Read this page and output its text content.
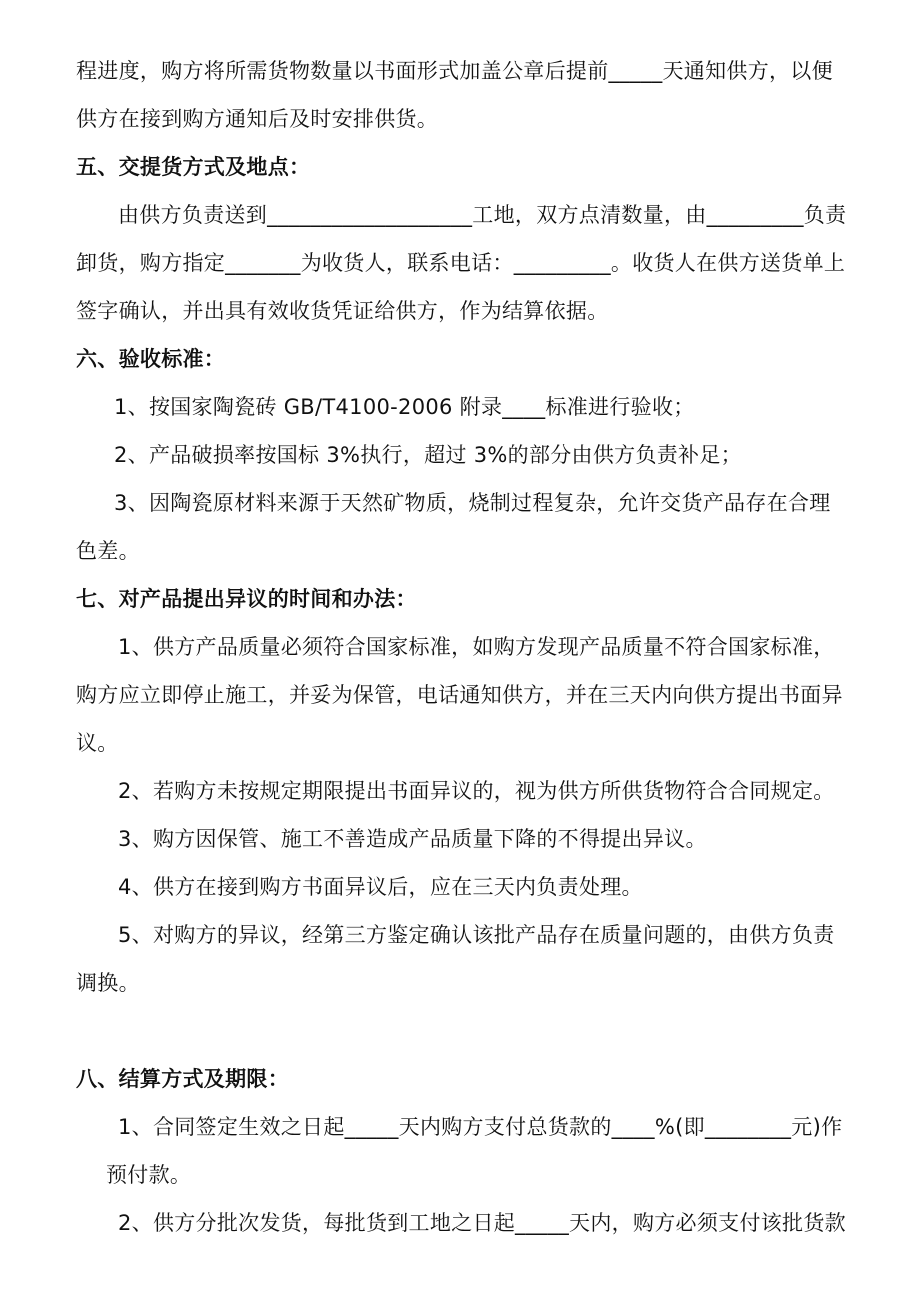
程进度，购方将所需货物数量以书面形式加盖公章后提前_____天通知供方，以便
供方在接到购方通知后及时安排供货。
五、交提货方式及地点：
由供方负责送到___________________工地，双方点清数量，由_________负责
卸货，购方指定_______为收货人，联系电话：_________。收货人在供方送货单上
签字确认，并出具有效收货凭证给供方，作为结算依据。
六、验收标准：
1、按国家陶瓷砖 GB/T4100-2006 附录____标准进行验收；
2、产品破损率按国标 3%执行，超过 3%的部分由供方负责补足；
3、因陶瓷原材料来源于天然矿物质，烧制过程复杂，允许交货产品存在合理
色差。
七、对产品提出异议的时间和办法：
1、供方产品质量必须符合国家标准，如购方发现产品质量不符合国家标准，
购方应立即停止施工，并妥为保管，电话通知供方，并在三天内向供方提出书面异
议。
2、若购方未按规定期限提出书面异议的，视为供方所供货物符合合同规定。
3、购方因保管、施工不善造成产品质量下降的不得提出异议。
4、供方在接到购方书面异议后，应在三天内负责处理。
5、对购方的异议，经第三方鉴定确认该批产品存在质量问题的，由供方负责
调换。
八、结算方式及期限：
1、合同签定生效之日起_____天内购方支付总货款的____%(即________元)作
预付款。
2、供方分批次发货，每批货到工地之日起_____天内，购方必须支付该批货款
